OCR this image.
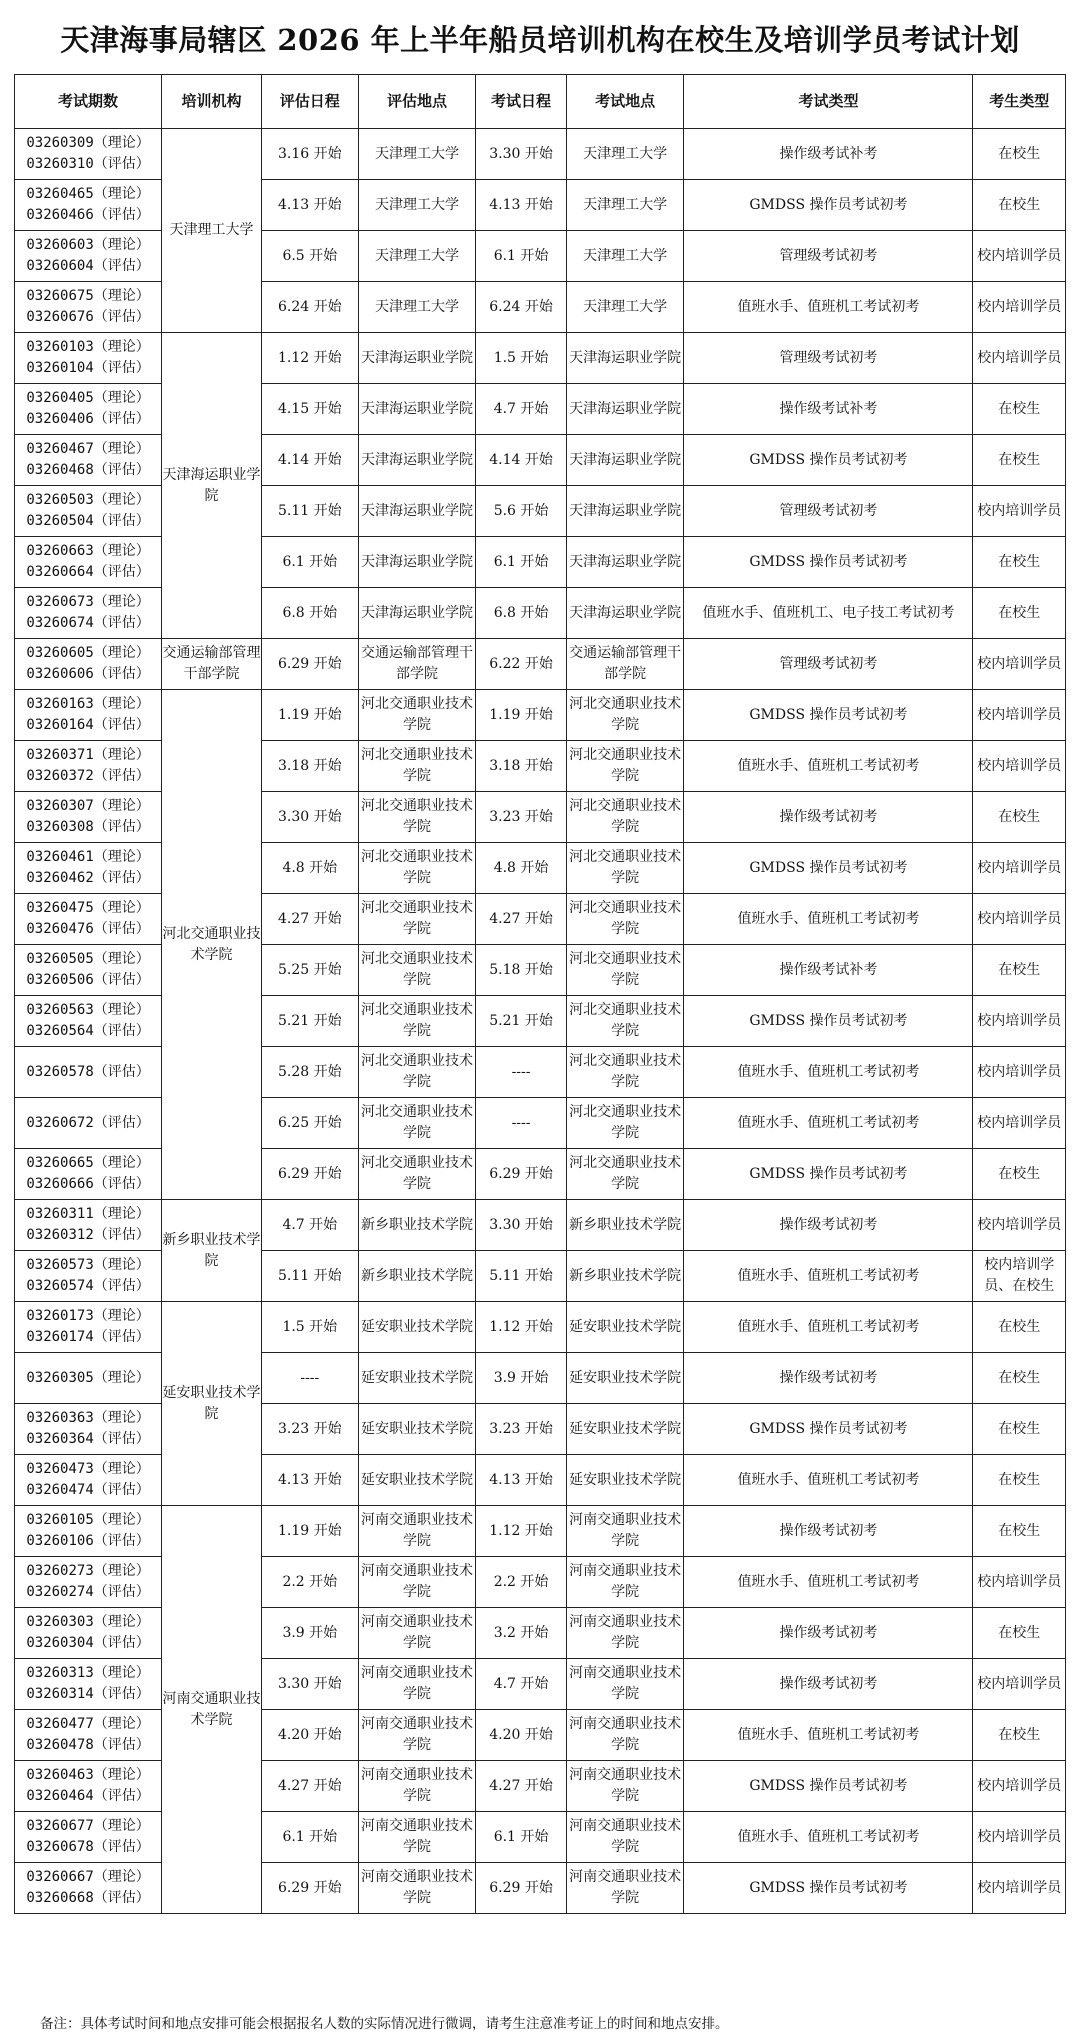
天津海事局辖区 2026 年上半年船员培训机构在校生及培训学员考试计划
考试期数	培训机构	评估日程	评估地点	考试日程	考试地点	考试类型	考生类型

03260309（理论）
03260310（评估）	天津理工大学	3.16 开始	天津理工大学	3.30 开始	天津理工大学	操作级考试补考	在校生

03260465（理论）
03260466（评估）		4.13 开始	天津理工大学	4.13 开始	天津理工大学	GMDSS 操作员考试初考	在校生

03260603（理论）
03260604（评估）		6.5 开始	天津理工大学	6.1 开始	天津理工大学	管理级考试初考	校内培训学员

03260675（理论）
03260676（评估）		6.24 开始	天津理工大学	6.24 开始	天津理工大学	值班水手、值班机工考试初考	校内培训学员

03260103（理论）
03260104（评估）	天津海运职业学院	1.12 开始	天津海运职业学院	1.5 开始	天津海运职业学院	管理级考试初考	校内培训学员

03260405（理论）
03260406（评估）		4.15 开始	天津海运职业学院	4.7 开始	天津海运职业学院	操作级考试补考	在校生

03260467（理论）
03260468（评估）		4.14 开始	天津海运职业学院	4.14 开始	天津海运职业学院	GMDSS 操作员考试初考	在校生

03260503（理论）
03260504（评估）		5.11 开始	天津海运职业学院	5.6 开始	天津海运职业学院	管理级考试初考	校内培训学员

03260663（理论）
03260664（评估）		6.1 开始	天津海运职业学院	6.1 开始	天津海运职业学院	GMDSS 操作员考试初考	在校生

03260673（理论）
03260674（评估）		6.8 开始	天津海运职业学院	6.8 开始	天津海运职业学院	值班水手、值班机工、电子技工考试初考	在校生

03260605（理论）
03260606（评估）	交通运输部管理干部学院	6.29 开始	交通运输部管理干部学院	6.22 开始	交通运输部管理干部学院	管理级考试初考	校内培训学员

03260163（理论）
03260164（评估）	河北交通职业技术学院	1.19 开始	河北交通职业技术学院	1.19 开始	河北交通职业技术学院	GMDSS 操作员考试初考	校内培训学员

03260371（理论）
03260372（评估）		3.18 开始	河北交通职业技术学院	3.18 开始	河北交通职业技术学院	值班水手、值班机工考试初考	校内培训学员

03260307（理论）
03260308（评估）		3.30 开始	河北交通职业技术学院	3.23 开始	河北交通职业技术学院	操作级考试初考	在校生

03260461（理论）
03260462（评估）		4.8 开始	河北交通职业技术学院	4.8 开始	河北交通职业技术学院	GMDSS 操作员考试初考	校内培训学员

03260475（理论）
03260476（评估）		4.27 开始	河北交通职业技术学院	4.27 开始	河北交通职业技术学院	值班水手、值班机工考试初考	校内培训学员

03260505（理论）
03260506（评估）		5.25 开始	河北交通职业技术学院	5.18 开始	河北交通职业技术学院	操作级考试补考	在校生

03260563（理论）
03260564（评估）		5.21 开始	河北交通职业技术学院	5.21 开始	河北交通职业技术学院	GMDSS 操作员考试初考	校内培训学员

03260578（评估）		5.28 开始	河北交通职业技术学院	----	河北交通职业技术学院	值班水手、值班机工考试初考	校内培训学员

03260672（评估）		6.25 开始	河北交通职业技术学院	----	河北交通职业技术学院	值班水手、值班机工考试初考	校内培训学员

03260665（理论）
03260666（评估）		6.29 开始	河北交通职业技术学院	6.29 开始	河北交通职业技术学院	GMDSS 操作员考试初考	在校生

03260311（理论）
03260312（评估）	新乡职业技术学院	4.7 开始	新乡职业技术学院	3.30 开始	新乡职业技术学院	操作级考试初考	校内培训学员

03260573（理论）
03260574（评估）		5.11 开始	新乡职业技术学院	5.11 开始	新乡职业技术学院	值班水手、值班机工考试初考	校内培训学员、在校生

03260173（理论）
03260174（评估）	延安职业技术学院	1.5 开始	延安职业技术学院	1.12 开始	延安职业技术学院	值班水手、值班机工考试初考	在校生

03260305（理论）		----	延安职业技术学院	3.9 开始	延安职业技术学院	操作级考试初考	在校生

03260363（理论）
03260364（评估）		3.23 开始	延安职业技术学院	3.23 开始	延安职业技术学院	GMDSS 操作员考试初考	在校生

03260473（理论）
03260474（评估）		4.13 开始	延安职业技术学院	4.13 开始	延安职业技术学院	值班水手、值班机工考试初考	在校生

03260105（理论）
03260106（评估）	河南交通职业技术学院	1.19 开始	河南交通职业技术学院	1.12 开始	河南交通职业技术学院	操作级考试初考	在校生

03260273（理论）
03260274（评估）		2.2 开始	河南交通职业技术学院	2.2 开始	河南交通职业技术学院	值班水手、值班机工考试初考	校内培训学员

03260303（理论）
03260304（评估）		3.9 开始	河南交通职业技术学院	3.2 开始	河南交通职业技术学院	操作级考试初考	在校生

03260313（理论）
03260314（评估）		3.30 开始	河南交通职业技术学院	4.7 开始	河南交通职业技术学院	操作级考试初考	校内培训学员

03260477（理论）
03260478（评估）		4.20 开始	河南交通职业技术学院	4.20 开始	河南交通职业技术学院	值班水手、值班机工考试初考	在校生

03260463（理论）
03260464（评估）		4.27 开始	河南交通职业技术学院	4.27 开始	河南交通职业技术学院	GMDSS 操作员考试初考	校内培训学员

03260677（理论）
03260678（评估）		6.1 开始	河南交通职业技术学院	6.1 开始	河南交通职业技术学院	值班水手、值班机工考试初考	校内培训学员

03260667（理论）
03260668（评估）		6.29 开始	河南交通职业技术学院	6.29 开始	河南交通职业技术学院	GMDSS 操作员考试初考	校内培训学员
备注：具体考试时间和地点安排可能会根据报名人数的实际情况进行微调，请考生注意准考证上的时间和地点安排。
